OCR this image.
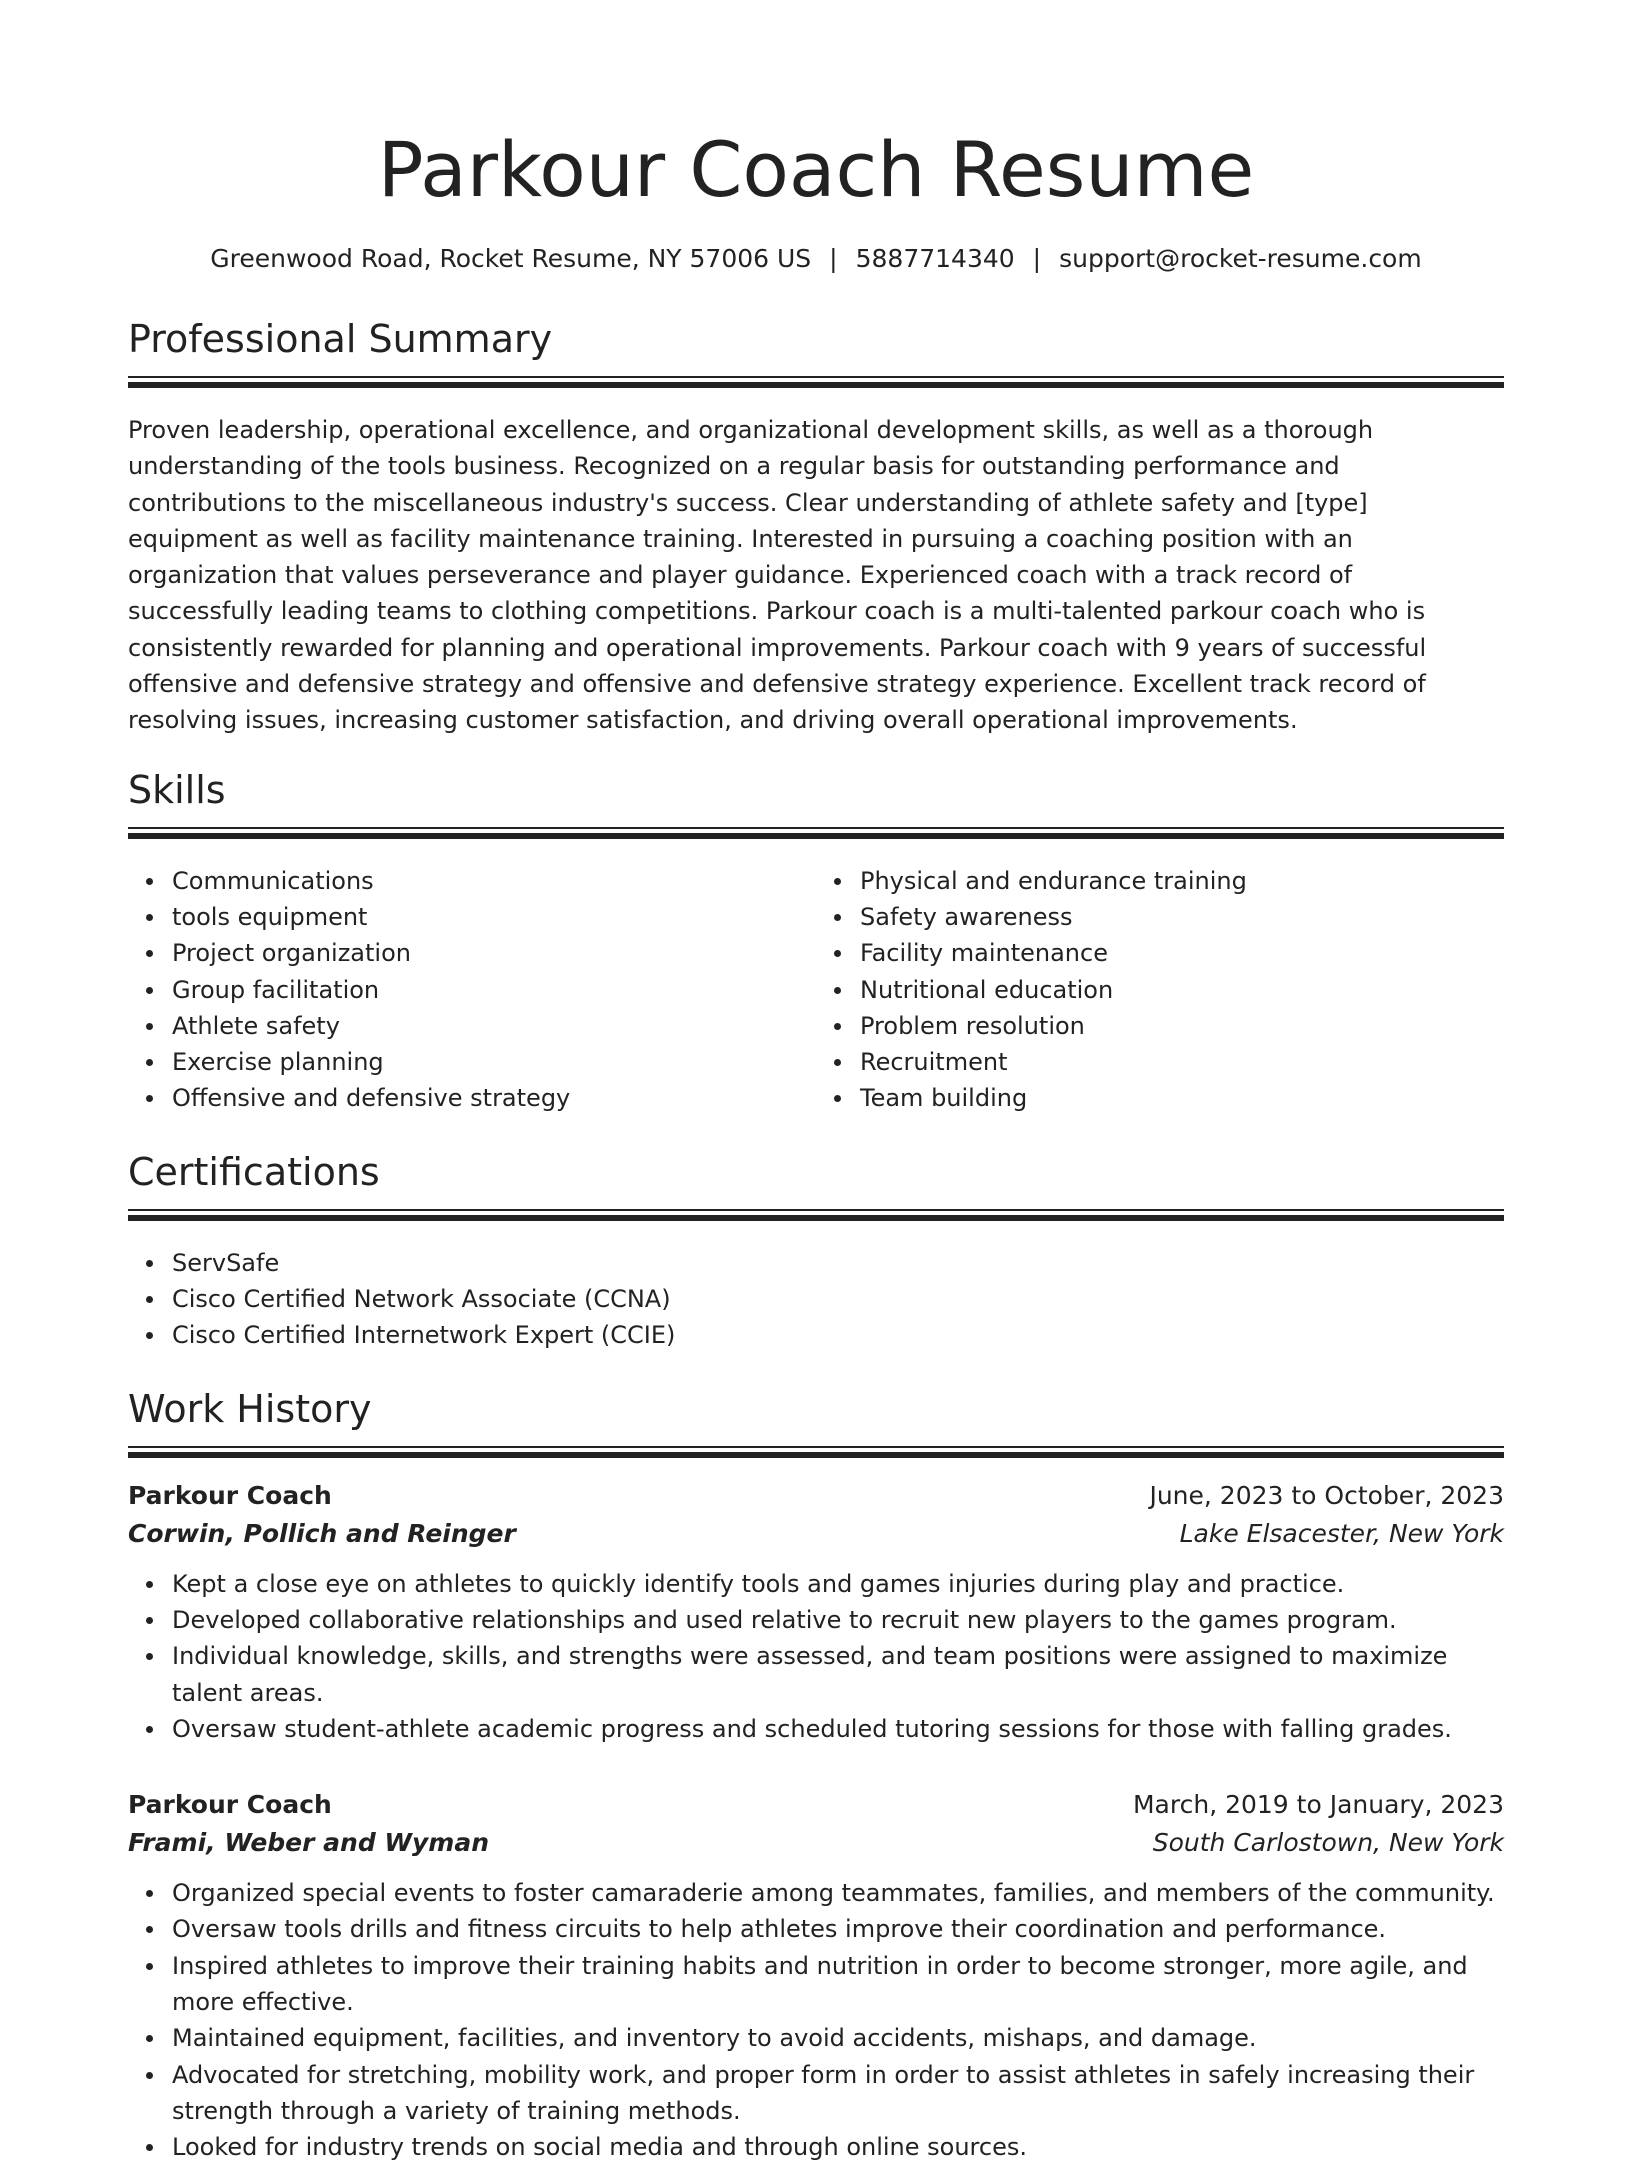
Parkour Coach Resume
Greenwood Road, Rocket Resume, NY 57006 US | 5887714340 | support@rocket-resume.com
Professional Summary

Proven leadership, operational excellence, and organizational development skills, as well as a thorough understanding of the tools business. Recognized on a regular basis for outstanding performance and contributions to the miscellaneous industry's success. Clear understanding of athlete safety and [type] equipment as well as facility maintenance training. Interested in pursuing a coaching position with an organization that values perseverance and player guidance. Experienced coach with a track record of successfully leading teams to clothing competitions. Parkour coach is a multi-talented parkour coach who is consistently rewarded for planning and operational improvements. Parkour coach with 9 years of successful offensive and defensive strategy and offensive and defensive strategy experience. Excellent track record of resolving issues, increasing customer satisfaction, and driving overall operational improvements.

Skills
Communications
tools equipment
Project organization
Group facilitation
Athlete safety
Exercise planning
Offensive and defensive strategy
Physical and endurance training
Safety awareness
Facility maintenance
Nutritional education
Problem resolution
Recruitment
Team building
Certifications
ServSafe
Cisco Certified Network Associate (CCNA)
Cisco Certified Internetwork Expert (CCIE)
Work History
Parkour Coach	June, 2023 to October, 2023
Corwin, Pollich and Reinger	Lake Elsacester, New York
Kept a close eye on athletes to quickly identify tools and games injuries during play and practice.
Developed collaborative relationships and used relative to recruit new players to the games program.
Individual knowledge, skills, and strengths were assessed, and team positions were assigned to maximize talent areas.
Oversaw student-athlete academic progress and scheduled tutoring sessions for those with falling grades.
Parkour Coach	March, 2019 to January, 2023
Frami, Weber and Wyman	South Carlostown, New York
Organized special events to foster camaraderie among teammates, families, and members of the community.
Oversaw tools drills and fitness circuits to help athletes improve their coordination and performance.
Inspired athletes to improve their training habits and nutrition in order to become stronger, more agile, and more effective.
Maintained equipment, facilities, and inventory to avoid accidents, mishaps, and damage.
Advocated for stretching, mobility work, and proper form in order to assist athletes in safely increasing their strength through a variety of training methods.
Looked for industry trends on social media and through online sources.
